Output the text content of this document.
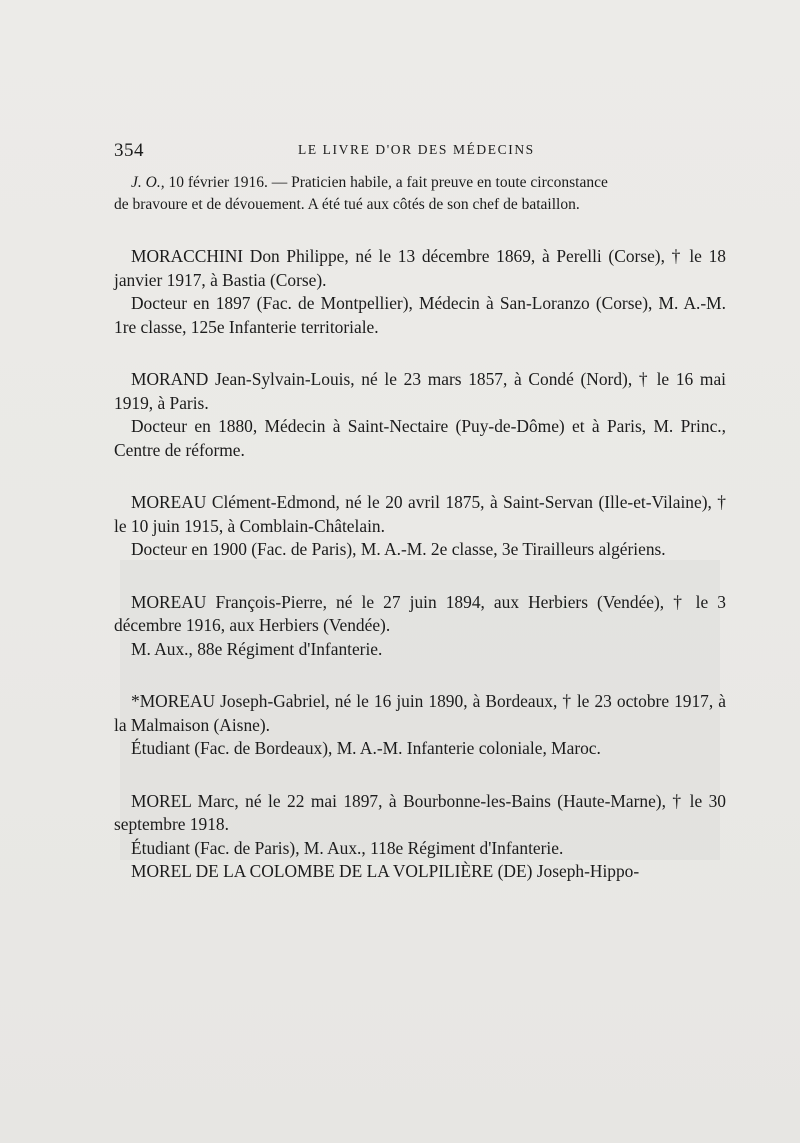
354	LE LIVRE D'OR DES MÉDECINS

J. O., 10 février 1916. — Praticien habile, a fait preuve en toute circonstance

de bravoure et de dévouement. A été tué aux côtés de son chef de bataillon.

MORACCHINI Don Philippe, né le 13 décembre 1869, à Perelli (Corse), † le 18 janvier 1917, à Bastia (Corse).

Docteur en 1897 (Fac. de Montpellier), Médecin à San-Loranzo (Corse), M. A.-M. 1re classe, 125e Infanterie territoriale.

MORAND Jean-Sylvain-Louis, né le 23 mars 1857, à Condé (Nord), † le 16 mai 1919, à Paris.

Docteur en 1880, Médecin à Saint-Nectaire (Puy-de-Dôme) et à Paris, M. Princ., Centre de réforme.

MOREAU Clément-Edmond, né le 20 avril 1875, à Saint-Servan (Ille-et-Vilaine), † le 10 juin 1915, à Comblain-Châtelain.

Docteur en 1900 (Fac. de Paris), M. A.-M. 2e classe, 3e Tirailleurs algériens.

MOREAU François-Pierre, né le 27 juin 1894, aux Herbiers (Vendée), † le 3 décembre 1916, aux Herbiers (Vendée).

M. Aux., 88e Régiment d'Infanterie.

*MOREAU Joseph-Gabriel, né le 16 juin 1890, à Bordeaux, † le 23 octobre 1917, à la Malmaison (Aisne).

Étudiant (Fac. de Bordeaux), M. A.-M. Infanterie coloniale, Maroc.

MOREL Marc, né le 22 mai 1897, à Bourbonne-les-Bains (Haute-Marne), † le 30 septembre 1918.

Étudiant (Fac. de Paris), M. Aux., 118e Régiment d'Infanterie.

MOREL DE LA COLOMBE DE LA VOLPILIÈRE (DE) Joseph-Hippo-
